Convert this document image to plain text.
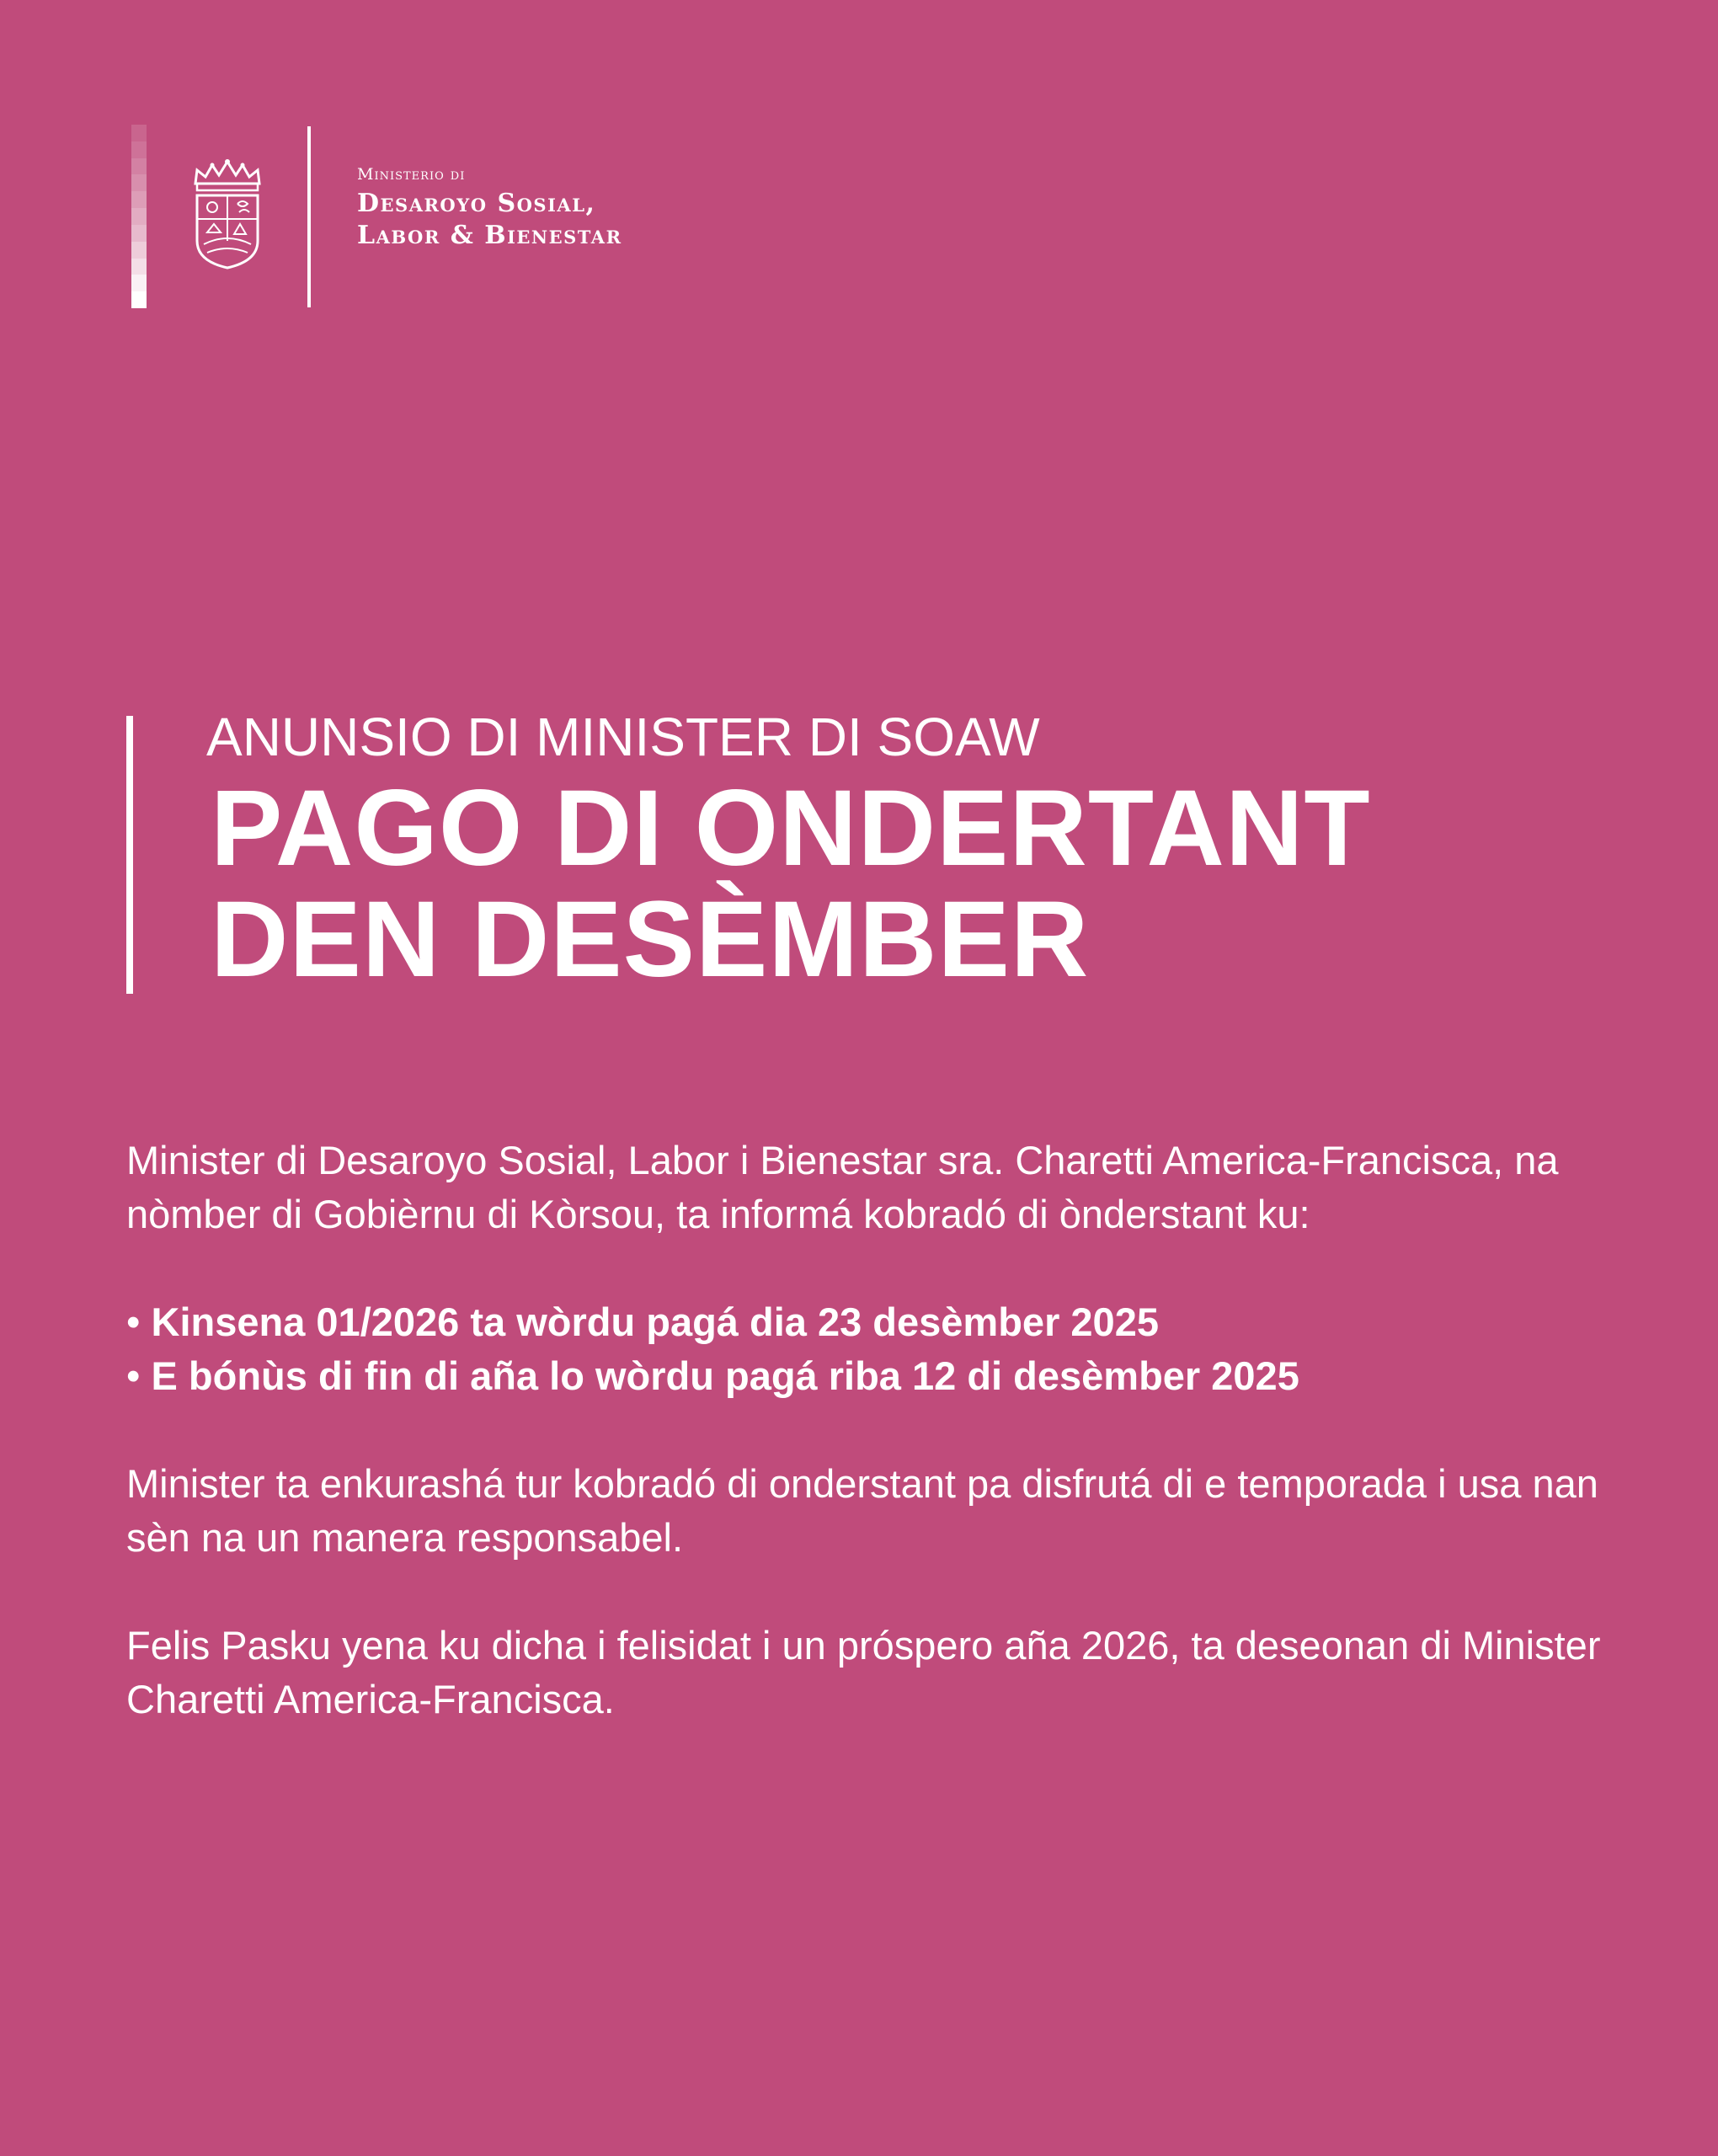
Ministerio di
Desaroyo Sosial,
Labor & Bienestar
ANUNSIO DI MINISTER DI SOAW
PAGO DI ONDERTANT
DEN DESÈMBER

Minister di Desaroyo Sosial, Labor i Bienestar sra. Charetti America-Francisca, na nòmber di Gobièrnu di Kòrsou, ta informá kobradó di ònderstant ku:

• Kinsena 01/2026 ta wòrdu pagá dia 23 desèmber 2025
• E bónùs di fin di aña lo wòrdu pagá riba 12 di desèmber 2025

Minister ta enkurashá tur kobradó di onderstant pa disfrutá di e temporada i usa nan sèn na un manera responsabel.

Felis Pasku yena ku dicha i felisidat i un próspero aña 2026, ta deseonan di Minister Charetti America-Francisca.
